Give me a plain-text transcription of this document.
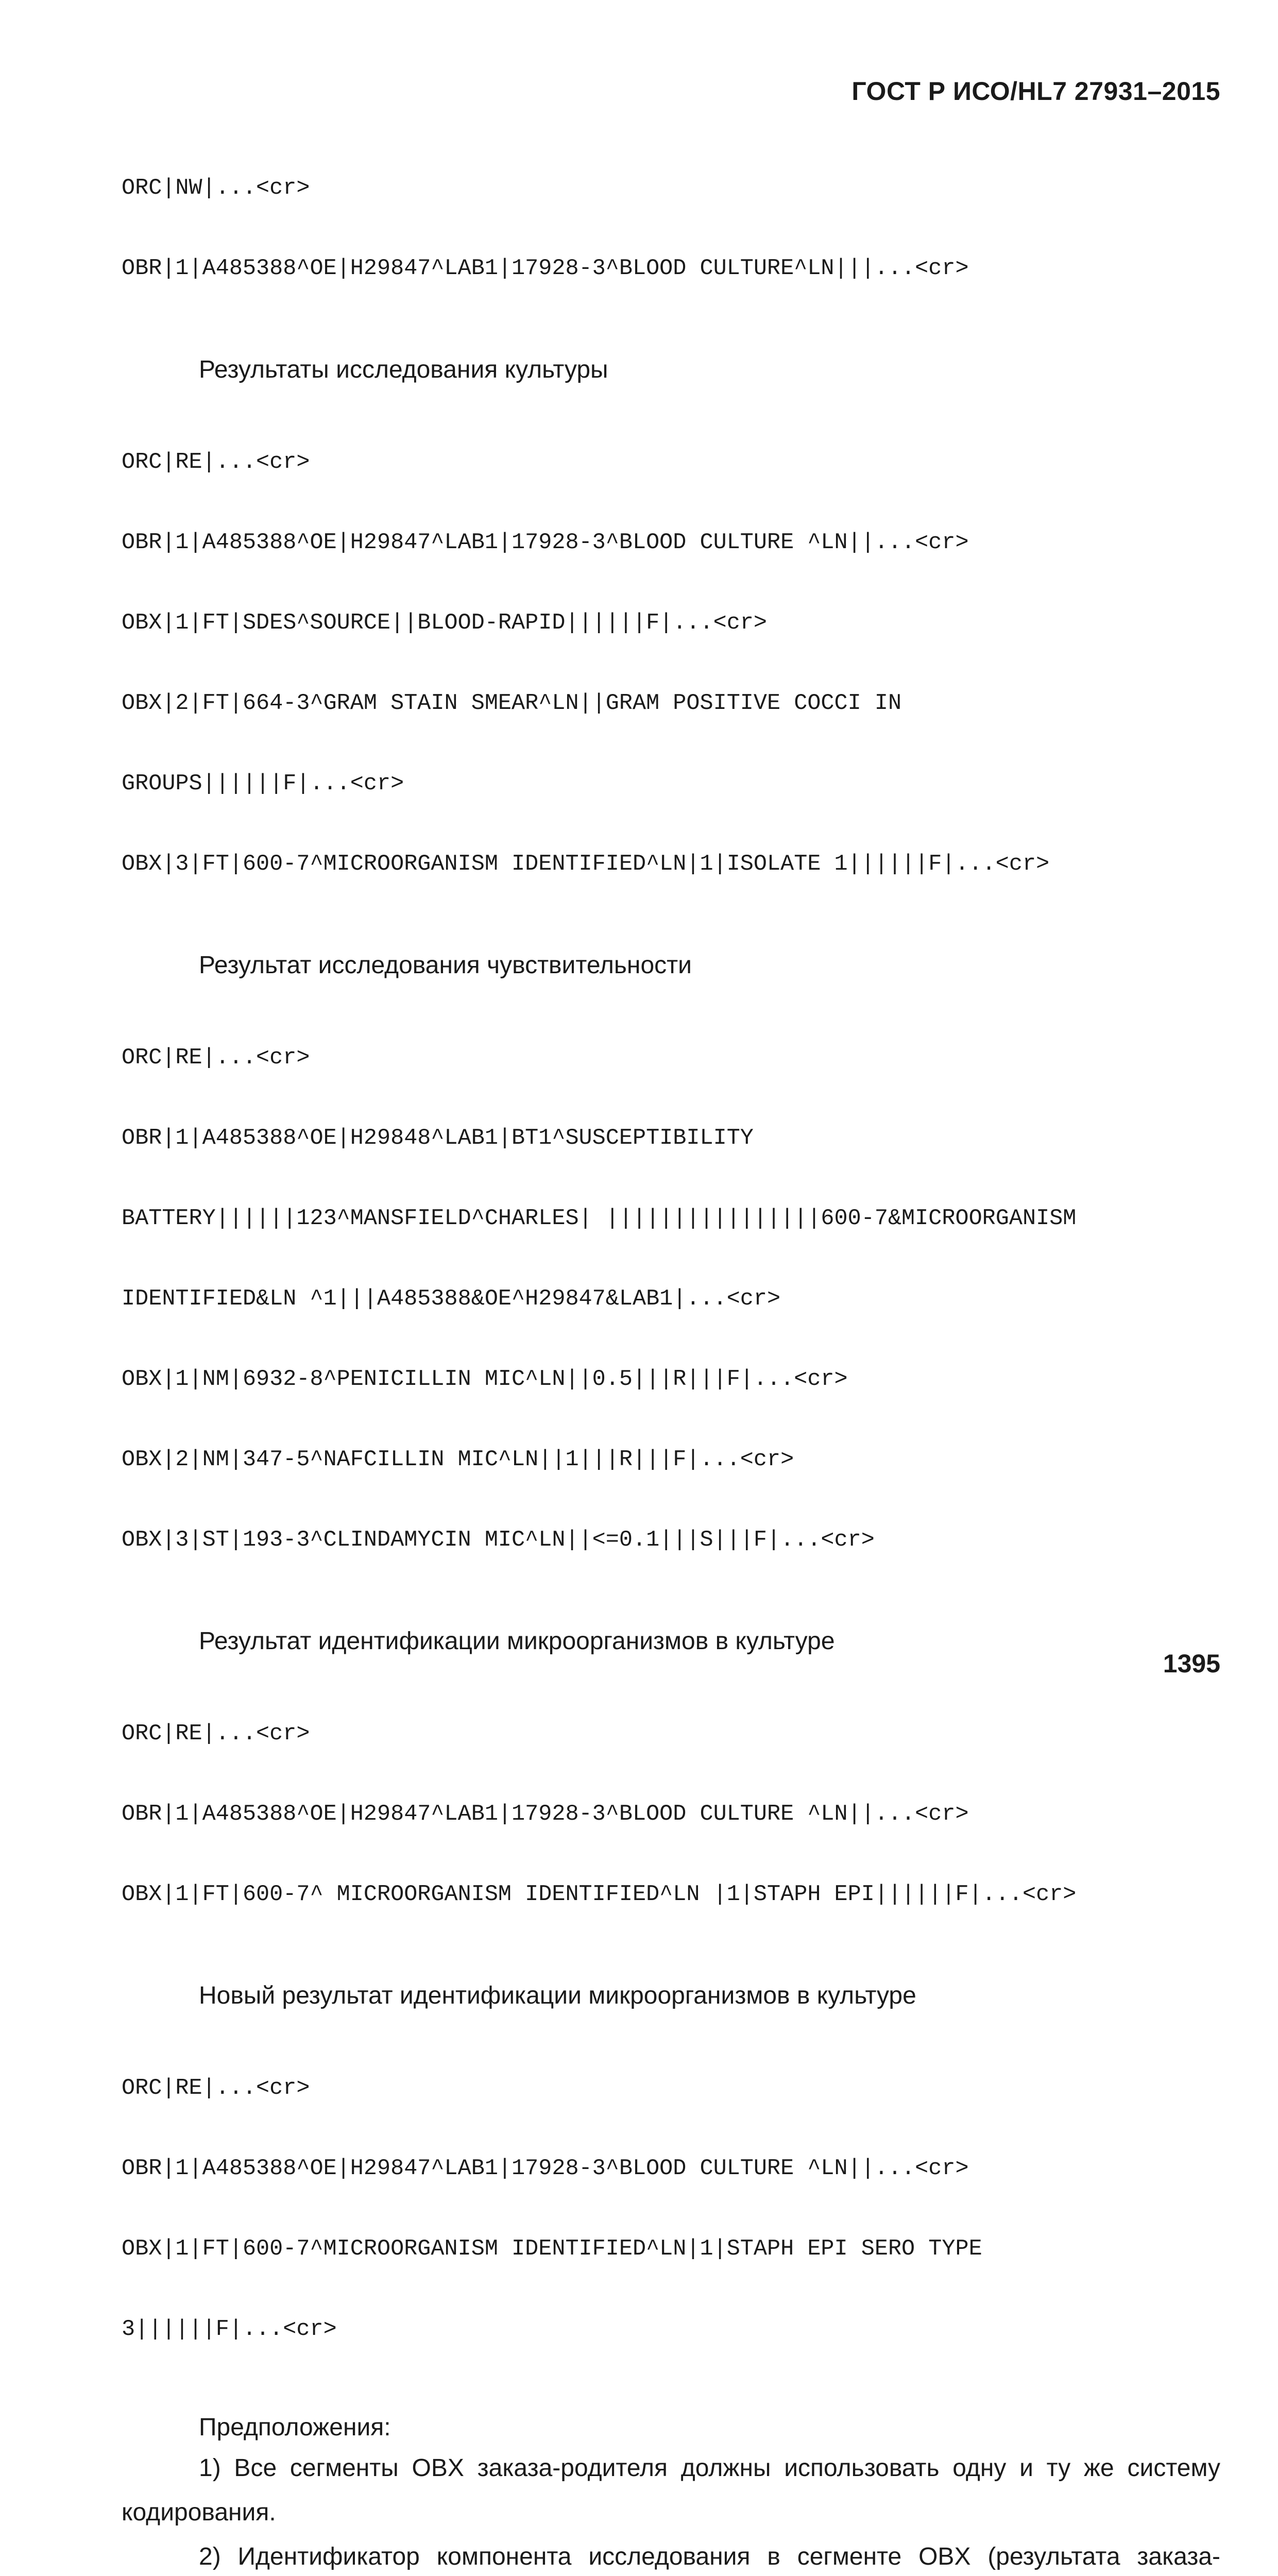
ГОСТ Р ИСО/HL7 27931–2015

ORC|NW|...<cr>

OBR|1|A485388^OE|H29847^LAB1|17928-3^BLOOD CULTURE^LN|||...<cr>

Результаты исследования культуры

ORC|RE|...<cr>

OBR|1|A485388^OE|H29847^LAB1|17928-3^BLOOD CULTURE ^LN||...<cr>

OBX|1|FT|SDES^SOURCE||BLOOD-RAPID||||||F|...<cr>

OBX|2|FT|664-3^GRAM STAIN SMEAR^LN||GRAM POSITIVE COCCI IN

GROUPS||||||F|...<cr>

OBX|3|FT|600-7^MICROORGANISM IDENTIFIED^LN|1|ISOLATE 1||||||F|...<cr>

Результат исследования чувствительности

ORC|RE|...<cr>

OBR|1|A485388^OE|H29848^LAB1|BT1^SUSCEPTIBILITY

BATTERY||||||123^MANSFIELD^CHARLES| ||||||||||||||||600-7&MICROORGANISM

IDENTIFIED&LN ^1|||A485388&OE^H29847&LAB1|...<cr>

OBX|1|NM|6932-8^PENICILLIN MIC^LN||0.5|||R|||F|...<cr>

OBX|2|NM|347-5^NAFCILLIN MIC^LN||1|||R|||F|...<cr>

OBX|3|ST|193-3^CLINDAMYCIN MIC^LN||<=0.1|||S|||F|...<cr>

Результат идентификации микроорганизмов в культуре

ORC|RE|...<cr>

OBR|1|A485388^OE|H29847^LAB1|17928-3^BLOOD CULTURE ^LN||...<cr>

OBX|1|FT|600-7^ MICROORGANISM IDENTIFIED^LN |1|STAPH EPI||||||F|...<cr>

Новый результат идентификации микроорганизмов в культуре

ORC|RE|...<cr>

OBR|1|A485388^OE|H29847^LAB1|17928-3^BLOOD CULTURE ^LN||...<cr>

OBX|1|FT|600-7^MICROORGANISM IDENTIFIED^LN|1|STAPH EPI SERO TYPE

3||||||F|...<cr>

Предположения:

1) Все сегменты OBX заказа-родителя должны использовать одну и ту же систему кодирования.

2) Идентификатор компонента исследования в сегменте OBX (результата заказа-

1395
